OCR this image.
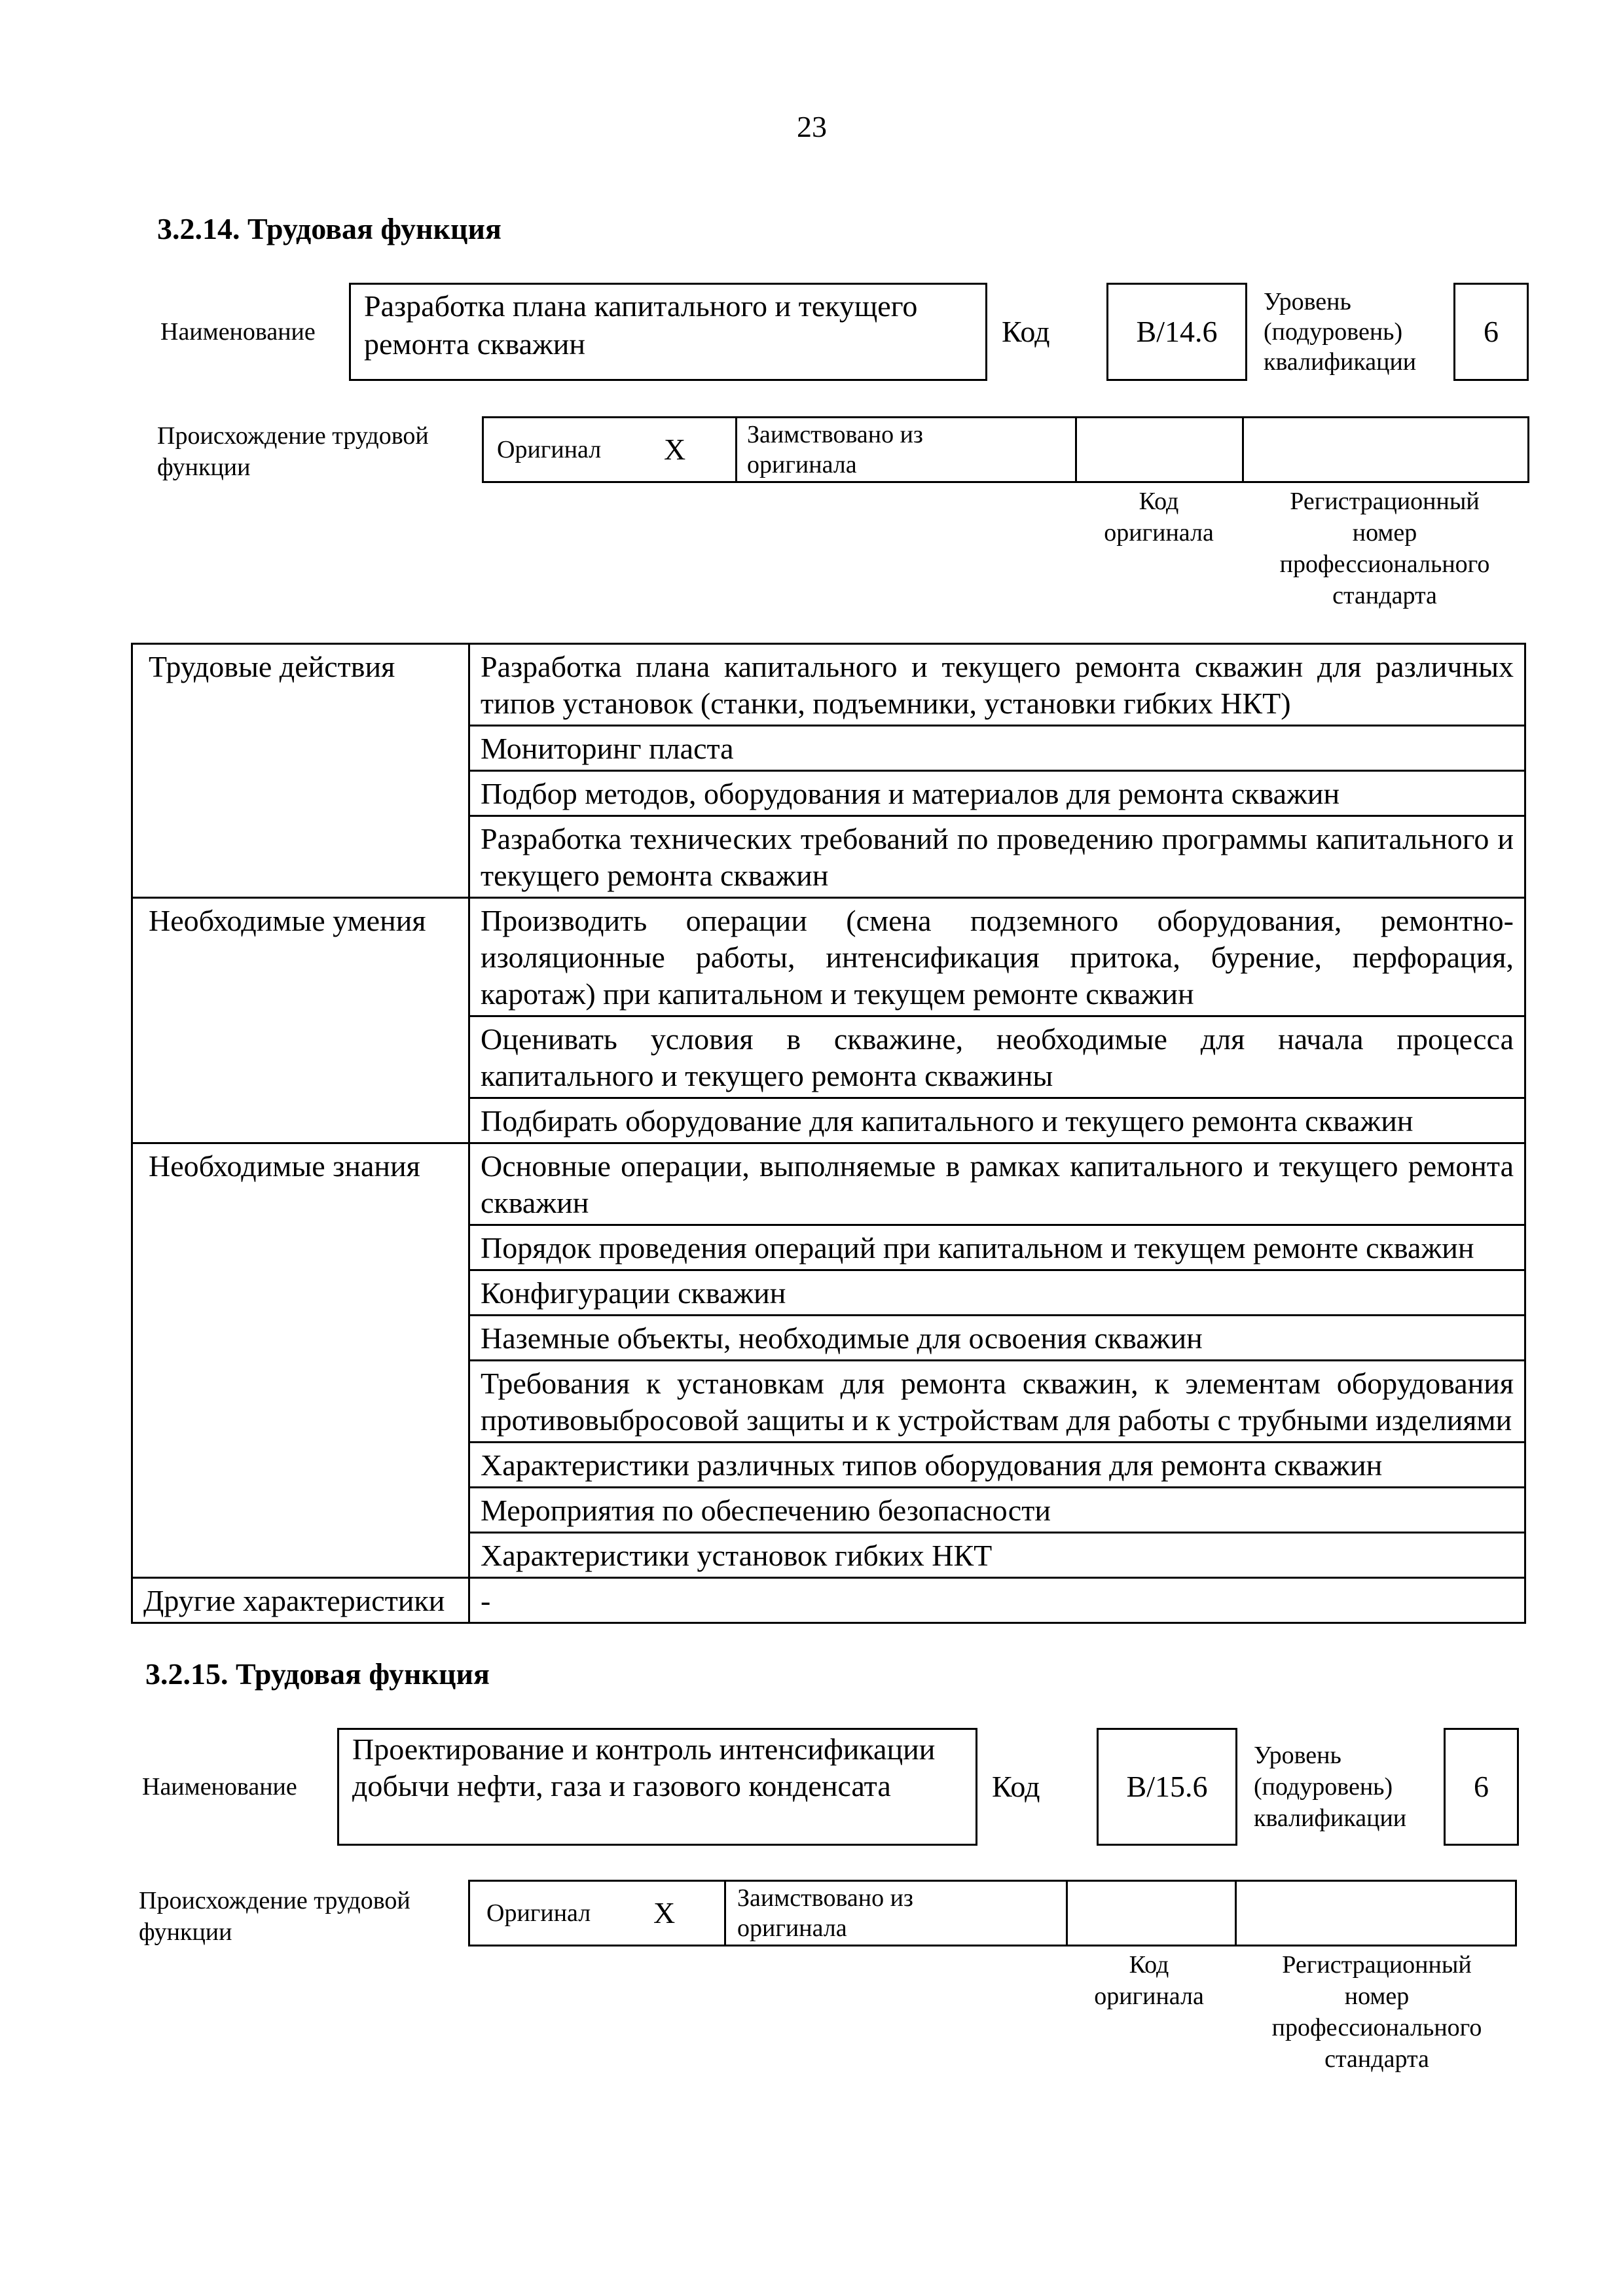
23
3.2.14. Трудовая функция
Наименование
Разработка плана капитального и текущего ремонта скважин	Код	B/14.6
Уровень (подуровень) квалификации
6
Происхождение трудовой функции
Оригинал X Заимствовано из оригинала
Код оригинала
Регистрационный номер профессионального стандарта
Трудовые действия	Разработка плана капитального и текущего ремонта скважин для различных типов установок (станки, подъемники, установки гибких НКТ)
	Мониторинг пласта
	Подбор методов, оборудования и материалов для ремонта скважин
	Разработка технических требований по проведению программы капитального и текущего ремонта скважин
Необходимые умения	Производить операции (смена подземного оборудования, ремонтно-изоляционные работы, интенсификация притока, бурение, перфорация, каротаж) при капитальном и текущем ремонте скважин
	Оценивать условия в скважине, необходимые для начала процесса капитального и текущего ремонта скважины
	Подбирать оборудование для капитального и текущего ремонта скважин
Необходимые знания	Основные операции, выполняемые в рамках капитального и текущего ремонта скважин
	Порядок проведения операций при капитальном и текущем ремонте скважин
	Конфигурации скважин
	Наземные объекты, необходимые для освоения скважин
	Требования к установкам для ремонта скважин, к элементам оборудования противовыбросовой защиты и к устройствам для работы с трубными изделиями
	Характеристики различных типов оборудования для ремонта скважин
	Мероприятия по обеспечению безопасности
	Характеристики установок гибких НКТ
Другие характеристики	-
3.2.15. Трудовая функция
Наименование
Проектирование и контроль интенсификации добычи нефти, газа и газового конденсата	Код	B/15.6
Уровень (подуровень) квалификации
6
Происхождение трудовой функции
Оригинал X Заимствовано из оригинала
Код оригинала
Регистрационный номер профессионального стандарта
